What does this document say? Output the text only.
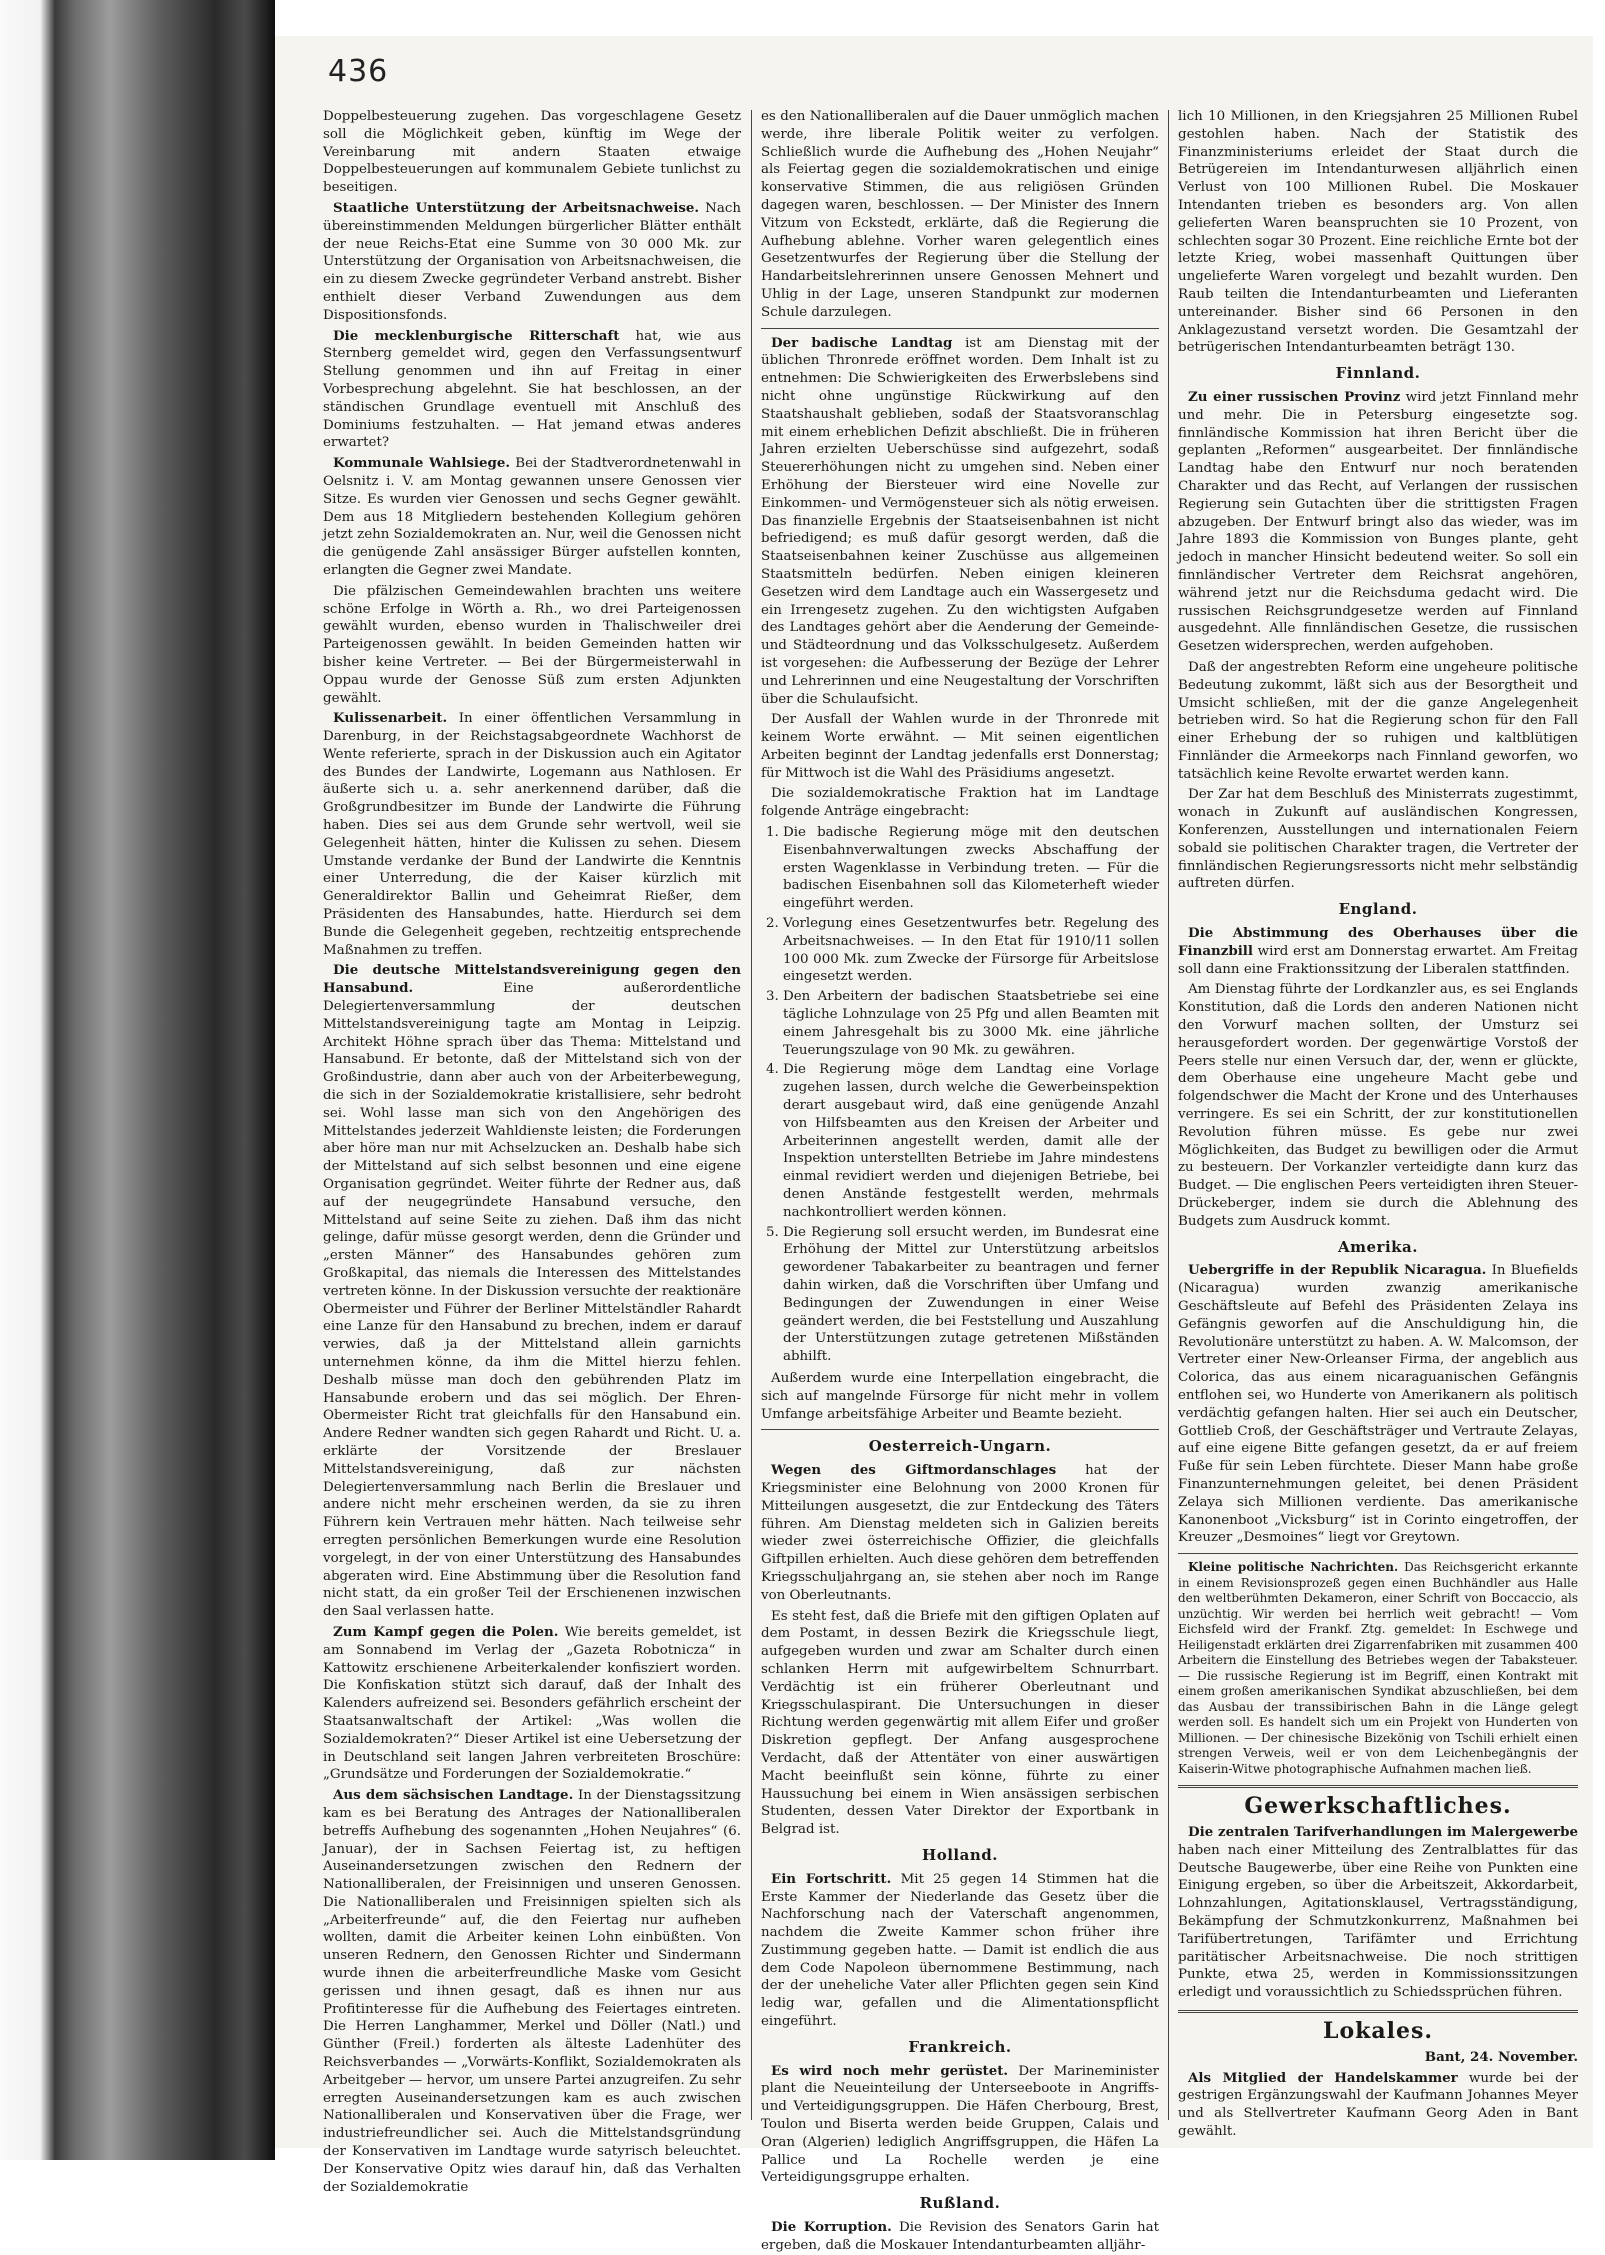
436

Doppelbesteuerung zugehen. Das vorgeschlagene Gesetz soll die Möglichkeit geben, künftig im Wege der Vereinbarung mit andern Staaten etwaige Doppelbesteuerungen auf kommunalem Gebiete tunlichst zu beseitigen.

Staatliche Unterstützung der Arbeitsnachweise. Nach übereinstimmenden Meldungen bürgerlicher Blätter enthält der neue Reichs-Etat eine Summe von 30 000 Mk. zur Unterstützung der Organisation von Arbeitsnachweisen, die ein zu diesem Zwecke gegründeter Verband anstrebt. Bisher enthielt dieser Verband Zuwendungen aus dem Dispositionsfonds.

Die mecklenburgische Ritterschaft hat, wie aus Sternberg gemeldet wird, gegen den Verfassungsentwurf Stellung genommen und ihn auf Freitag in einer Vorbesprechung abgelehnt. Sie hat beschlossen, an der ständischen Grundlage eventuell mit Anschluß des Dominiums festzuhalten. — Hat jemand etwas anderes erwartet?

Kommunale Wahlsiege. Bei der Stadtverordnetenwahl in Oelsnitz i. V. am Montag gewannen unsere Genossen vier Sitze. Es wurden vier Genossen und sechs Gegner gewählt. Dem aus 18 Mitgliedern bestehenden Kollegium gehören jetzt zehn Sozialdemokraten an. Nur, weil die Genossen nicht die genügende Zahl ansässiger Bürger aufstellen konnten, erlangten die Gegner zwei Mandate.

Die pfälzischen Gemeindewahlen brachten uns weitere schöne Erfolge in Wörth a. Rh., wo drei Parteigenossen gewählt wurden, ebenso wurden in Thalischweiler drei Parteigenossen gewählt. In beiden Gemeinden hatten wir bisher keine Vertreter. — Bei der Bürgermeisterwahl in Oppau wurde der Genosse Süß zum ersten Adjunkten gewählt.

Kulissenarbeit. In einer öffentlichen Versammlung in Darenburg, in der Reichstagsabgeordnete Wachhorst de Wente referierte, sprach in der Diskussion auch ein Agitator des Bundes der Landwirte, Logemann aus Nathlosen. Er äußerte sich u. a. sehr anerkennend darüber, daß die Großgrundbesitzer im Bunde der Landwirte die Führung haben. Dies sei aus dem Grunde sehr wertvoll, weil sie Gelegenheit hätten, hinter die Kulissen zu sehen. Diesem Umstande verdanke der Bund der Landwirte die Kenntnis einer Unterredung, die der Kaiser kürzlich mit Generaldirektor Ballin und Geheimrat Rießer, dem Präsidenten des Hansabundes, hatte. Hierdurch sei dem Bunde die Gelegenheit gegeben, rechtzeitig entsprechende Maßnahmen zu treffen.

Die deutsche Mittelstandsvereinigung gegen den Hansabund.	Eine außerordentliche Delegiertenversammlung der deutschen Mittelstandsvereinigung tagte am Montag in Leipzig. Architekt Höhne sprach über das Thema: Mittelstand und Hansabund. Er betonte, daß der Mittelstand sich von der Großindustrie, dann aber auch von der Arbeiterbewegung, die sich in der Sozialdemokratie kristallisiere, sehr bedroht sei. Wohl lasse man sich von den Angehörigen des Mittelstandes jederzeit Wahldienste leisten; die Forderungen aber höre man nur mit Achselzucken an. Deshalb habe sich der Mittelstand auf sich selbst besonnen und eine eigene Organisation gegründet. Weiter führte der Redner aus, daß auf der neugegründete Hansabund versuche, den Mittelstand auf seine Seite zu ziehen. Daß ihm das nicht gelinge, dafür müsse gesorgt werden, denn die Gründer und „ersten Männer“ des Hansabundes gehören zum Großkapital, das niemals die Interessen des Mittelstandes vertreten könne. In der Diskussion versuchte der reaktionäre Obermeister und Führer der Berliner Mittelständler Rahardt eine Lanze für den Hansabund zu brechen, indem er darauf verwies, daß ja der Mittelstand allein garnichts unternehmen könne, da ihm die Mittel hierzu fehlen. Deshalb müsse man doch den gebührenden Platz im Hansabunde erobern und das sei möglich. Der Ehren-Obermeister Richt trat gleichfalls für den Hansabund ein. Andere Redner wandten sich gegen Rahardt und Richt. U. a. erklärte der Vorsitzende der Breslauer Mittelstandsvereinigung, daß zur nächsten Delegiertenversammlung nach Berlin die Breslauer und andere nicht mehr erscheinen werden, da sie zu ihren Führern kein Vertrauen mehr hätten. Nach teilweise sehr erregten persönlichen Bemerkungen wurde eine Resolution vorgelegt, in der von einer Unterstützung des Hansabundes abgeraten wird. Eine Abstimmung über die Resolution fand nicht statt, da ein großer Teil der Erschienenen inzwischen den Saal verlassen hatte.

Zum Kampf gegen die Polen. Wie bereits gemeldet, ist am Sonnabend im Verlag der „Gazeta Robotnicza“ in Kattowitz erschienene Arbeiterkalender konfisziert worden. Die Konfiskation stützt sich darauf, daß der Inhalt des Kalenders aufreizend sei. Besonders gefährlich erscheint der Staatsanwaltschaft der Artikel: „Was wollen die Sozialdemokraten?“ Dieser Artikel ist eine Uebersetzung der in Deutschland seit langen Jahren verbreiteten Broschüre: „Grundsätze und Forderungen der Sozialdemokratie.“

Aus dem sächsischen Landtage. In der Dienstagssitzung kam es bei Beratung des Antrages der Nationalliberalen betreffs Aufhebung des sogenannten „Hohen Neujahres“ (6. Januar), der in Sachsen Feiertag ist, zu heftigen Auseinandersetzungen zwischen den Rednern der Nationalliberalen, der Freisinnigen und unseren Genossen. Die Nationalliberalen und Freisinnigen spielten sich als „Arbeiterfreunde“ auf, die den Feiertag nur aufheben wollten, damit die Arbeiter keinen Lohn einbüßten. Von unseren Rednern, den Genossen Richter und Sindermann wurde ihnen die arbeiterfreundliche Maske vom Gesicht gerissen und ihnen gesagt, daß es ihnen nur aus Profitinteresse für die Aufhebung des Feiertages eintreten. Die Herren Langhammer, Merkel und Döller (Natl.) und Günther (Freil.) forderten als älteste Ladenhüter des Reichsverbandes — „Vorwärts-Konflikt, Sozialdemokraten als Arbeitgeber — hervor, um unsere Partei anzugreifen. Zu sehr erregten Auseinandersetzungen kam es auch zwischen Nationalliberalen und Konservativen über die Frage, wer industriefreundlicher sei. Auch die Mittelstandsgründung der Konservativen im Landtage wurde satyrisch beleuchtet. Der Konservative Opitz wies darauf hin, daß das Verhalten der Sozialdemokratie

es den Nationalliberalen auf die Dauer unmöglich machen werde, ihre liberale Politik weiter zu verfolgen. Schließlich wurde die Aufhebung des „Hohen Neujahr“ als Feiertag gegen die sozialdemokratischen und einige konservative Stimmen, die aus religiösen Gründen dagegen waren, beschlossen. — Der Minister des Innern Vitzum von Eckstedt, erklärte, daß die Regierung die Aufhebung ablehne. Vorher waren gelegentlich eines Gesetzentwurfes der Regierung über die Stellung der Handarbeitslehrerinnen unsere Genossen Mehnert und Uhlig in der Lage, unseren Standpunkt zur modernen Schule darzulegen.

Der badische Landtag ist am Dienstag mit der üblichen Thronrede eröffnet worden. Dem Inhalt ist zu entnehmen: Die Schwierigkeiten des Erwerbslebens sind nicht ohne ungünstige Rückwirkung auf den Staatshaushalt geblieben, sodaß der Staatsvoranschlag mit einem erheblichen Defizit abschließt. Die in früheren Jahren erzielten Ueberschüsse sind aufgezehrt, sodaß Steuererhöhungen nicht zu umgehen sind. Neben einer Erhöhung der Biersteuer wird eine Novelle zur Einkommen- und Vermögensteuer sich als nötig erweisen. Das finanzielle Ergebnis der Staatseisenbahnen ist nicht befriedigend; es muß dafür gesorgt werden, daß die Staatseisenbahnen keiner Zuschüsse aus allgemeinen Staatsmitteln bedürfen. Neben einigen kleineren Gesetzen wird dem Landtage auch ein Wassergesetz und ein Irrengesetz zugehen. Zu den wichtigsten Aufgaben des Landtages gehört aber die Aenderung der Gemeinde- und Städteordnung und das Volksschulgesetz. Außerdem ist vorgesehen: die Aufbesserung der Bezüge der Lehrer und Lehrerinnen und eine Neugestaltung der Vorschriften über die Schulaufsicht.

Der Ausfall der Wahlen wurde in der Thronrede mit keinem Worte erwähnt. — Mit seinen eigentlichen Arbeiten beginnt der Landtag jedenfalls erst Donnerstag; für Mittwoch ist die Wahl des Präsidiums angesetzt.

Die sozialdemokratische Fraktion hat im Landtage folgende Anträge eingebracht:

1. Die badische Regierung möge mit den deutschen Eisenbahnverwaltungen zwecks Abschaffung der ersten Wagenklasse in Verbindung treten. — Für die badischen Eisenbahnen soll das Kilometerheft wieder eingeführt werden.
2. Vorlegung eines Gesetzentwurfes betr. Regelung des Arbeitsnachweises. — In den Etat für 1910/11 sollen 100 000 Mk. zum Zwecke der Fürsorge für Arbeitslose eingesetzt werden.
3. Den Arbeitern der badischen Staatsbetriebe sei eine tägliche Lohnzulage von 25 Pfg und allen Beamten mit einem Jahresgehalt bis zu 3000 Mk. eine jährliche Teuerungszulage von 90 Mk. zu gewähren.
4. Die Regierung möge dem Landtag eine Vorlage zugehen lassen, durch welche die Gewerbeinspektion derart ausgebaut wird, daß eine genügende Anzahl von Hilfsbeamten aus den Kreisen der Arbeiter und Arbeiterinnen angestellt werden, damit alle der Inspektion unterstellten Betriebe im Jahre mindestens einmal revidiert werden und diejenigen Betriebe, bei denen Anstände festgestellt werden, mehrmals nachkontrolliert werden können.
5. Die Regierung soll ersucht werden, im Bundesrat eine Erhöhung der Mittel zur Unterstützung arbeitslos gewordener Tabakarbeiter zu beantragen und ferner dahin wirken, daß die Vorschriften über Umfang und Bedingungen der Zuwendungen in einer Weise geändert werden, die bei Feststellung und Auszahlung der Unterstützungen zutage getretenen Mißständen abhilft.

Außerdem wurde eine Interpellation eingebracht, die sich auf mangelnde Fürsorge für nicht mehr in vollem Umfange arbeitsfähige Arbeiter und Beamte bezieht.

Oesterreich-Ungarn.

Wegen des Giftmordanschlages hat der Kriegsminister eine Belohnung von 2000 Kronen für Mitteilungen ausgesetzt, die zur Entdeckung des Täters führen. Am Dienstag meldeten sich in Galizien bereits wieder zwei österreichische Offizier, die gleichfalls Giftpillen erhielten. Auch diese gehören dem betreffenden Kriegsschuljahrgang an, sie stehen aber noch im Range von Oberleutnants.

Es steht fest, daß die Briefe mit den giftigen Oplaten auf dem Postamt, in dessen Bezirk die Kriegsschule liegt, aufgegeben wurden und zwar am Schalter durch einen schlanken Herrn mit aufgewirbeltem Schnurrbart. Verdächtig ist ein früherer Oberleutnant und Kriegsschulaspirant. Die Untersuchungen in dieser Richtung werden gegenwärtig mit allem Eifer und großer Diskretion gepflegt. Der Anfang ausgesprochene Verdacht, daß der Attentäter von einer auswärtigen Macht beeinflußt sein könne, führte zu einer Haussuchung bei einem in Wien ansässigen serbischen Studenten, dessen Vater Direktor der Exportbank in Belgrad ist.

Holland.

Ein Fortschritt. Mit 25 gegen 14 Stimmen hat die Erste Kammer der Niederlande das Gesetz über die Nachforschung nach der Vaterschaft angenommen, nachdem die Zweite Kammer schon früher ihre Zustimmung gegeben hatte. — Damit ist endlich die aus dem Code Napoleon übernommene Bestimmung, nach der der uneheliche Vater aller Pflichten gegen sein Kind ledig war, gefallen und die Alimentationspflicht eingeführt.

Frankreich.

Es wird noch mehr gerüstet. Der Marineminister plant die Neueinteilung der Unterseeboote in Angriffs- und Verteidigungsgruppen. Die Häfen Cherbourg, Brest, Toulon und Biserta werden beide Gruppen, Calais und Oran (Algerien) lediglich Angriffsgruppen, die Häfen La Pallice und La Rochelle werden je eine Verteidigungsgruppe erhalten.

Rußland.

Die Korruption. Die Revision des Senators Garin hat ergeben, daß die Moskauer Intendanturbeamten alljähr-

lich 10 Millionen, in den Kriegsjahren 25 Millionen Rubel gestohlen haben. Nach der Statistik des Finanzministeriums erleidet der Staat durch die Betrügereien im Intendanturwesen alljährlich einen Verlust von 100 Millionen Rubel. Die Moskauer Intendanten trieben es besonders arg. Von allen gelieferten Waren beanspruchten sie 10 Prozent, von schlechten sogar 30 Prozent. Eine reichliche Ernte bot der letzte Krieg, wobei massenhaft Quittungen über ungelieferte Waren vorgelegt und bezahlt wurden. Den Raub teilten die Intendanturbeamten und Lieferanten untereinander. Bisher sind 66 Personen in den Anklagezustand versetzt worden. Die Gesamtzahl der betrügerischen Intendanturbeamten beträgt 130.

Finnland.

Zu einer russischen Provinz wird jetzt Finnland mehr und mehr. Die in Petersburg eingesetzte sog. finnländische Kommission hat ihren Bericht über die geplanten „Reformen“ ausgearbeitet. Der finnländische Landtag habe den Entwurf nur noch beratenden Charakter und das Recht, auf Verlangen der russischen Regierung sein Gutachten über die strittigsten Fragen abzugeben. Der Entwurf bringt also das wieder, was im Jahre 1893 die Kommission von Bunges plante, geht jedoch in mancher Hinsicht bedeutend weiter. So soll ein finnländischer Vertreter dem Reichsrat angehören, während jetzt nur die Reichsduma gedacht wird. Die russischen Reichsgrundgesetze werden auf Finnland ausgedehnt. Alle finnländischen Gesetze, die russischen Gesetzen widersprechen, werden aufgehoben.

Daß der angestrebten Reform eine ungeheure politische Bedeutung zukommt, läßt sich aus der Besorgtheit und Umsicht schließen, mit der die ganze Angelegenheit betrieben wird. So hat die Regierung schon für den Fall einer Erhebung der so ruhigen und kaltblütigen Finnländer die Armeekorps nach Finnland geworfen, wo tatsächlich keine Revolte erwartet werden kann.

Der Zar hat dem Beschluß des Ministerrats zugestimmt, wonach in Zukunft auf ausländischen Kongressen, Konferenzen, Ausstellungen und internationalen Feiern sobald sie politischen Charakter tragen, die Vertreter der finnländischen Regierungsressorts nicht mehr selbständig auftreten dürfen.

England.

Die Abstimmung des Oberhauses über die Finanzbill wird erst am Donnerstag erwartet. Am Freitag soll dann eine Fraktionssitzung der Liberalen stattfinden.

Am Dienstag führte der Lordkanzler aus, es sei Englands Konstitution, daß die Lords den anderen Nationen nicht den Vorwurf machen sollten, der Umsturz sei herausgefordert worden. Der gegenwärtige Vorstoß der Peers stelle nur einen Versuch dar, der, wenn er glückte, dem Oberhause eine ungeheure Macht gebe und folgendschwer die Macht der Krone und des Unterhauses verringere. Es sei ein Schritt, der zur konstitutionellen Revolution führen müsse. Es gebe nur zwei Möglichkeiten, das Budget zu bewilligen oder die Armut zu besteuern. Der Vorkanzler verteidigte dann kurz das Budget. — Die englischen Peers verteidigten ihren Steuer-Drückeberger, indem sie durch die Ablehnung des Budgets zum Ausdruck kommt.

Amerika.

Uebergriffe in der Republik Nicaragua. In Bluefields (Nicaragua) wurden zwanzig amerikanische Geschäftsleute auf Befehl des Präsidenten Zelaya ins Gefängnis geworfen auf die Anschuldigung hin, die Revolutionäre unterstützt zu haben. A. W. Malcomson, der Vertreter einer New-Orleanser Firma, der angeblich aus Colorica, das aus einem nicaraguanischen Gefängnis entflohen sei, wo Hunderte von Amerikanern als politisch verdächtig gefangen halten. Hier sei auch ein Deutscher, Gottlieb Croß, der Geschäftsträger und Vertraute Zelayas, auf eine eigene Bitte gefangen gesetzt, da er auf freiem Fuße für sein Leben fürchtete. Dieser Mann habe große Finanzunternehmungen geleitet, bei denen Präsident Zelaya sich Millionen verdiente. Das amerikanische Kanonenboot „Vicksburg“ ist in Corinto eingetroffen, der Kreuzer „Desmoines“ liegt vor Greytown.

Kleine politische Nachrichten. Das Reichsgericht erkannte in einem Revisionsprozeß gegen einen Buchhändler aus Halle den weltberühmten Dekameron, einer Schrift von Boccaccio, als unzüchtig. Wir werden bei herrlich weit gebracht! — Vom Eichsfeld wird der Frankf. Ztg. gemeldet: In Eschwege und Heiligenstadt erklärten drei Zigarrenfabriken mit zusammen 400 Arbeitern die Einstellung des Betriebes wegen der Tabaksteuer. — Die russische Regierung ist im Begriff, einen Kontrakt mit einem großen amerikanischen Syndikat abzuschließen, bei dem das Ausbau der transsibirischen Bahn in die Länge gelegt werden soll. Es handelt sich um ein Projekt von Hunderten von Millionen. — Der chinesische Bizekönig von Tschili erhielt einen strengen Verweis, weil er von dem Leichenbegängnis der Kaiserin-Witwe photographische Aufnahmen machen ließ.

Gewerkschaftliches.

Die zentralen Tarifverhandlungen im Malergewerbe haben nach einer Mitteilung des Zentralblattes für das Deutsche Baugewerbe, über eine Reihe von Punkten eine Einigung ergeben, so über die Arbeitszeit, Akkordarbeit, Lohnzahlungen, Agitationsklausel, Vertragsständigung, Bekämpfung der Schmutzkonkurrenz, Maßnahmen bei Tarifübertretungen, Tarifämter und Errichtung paritätischer Arbeitsnachweise. Die noch strittigen Punkte, etwa 25, werden in Kommissionssitzungen erledigt und voraussichtlich zu Schiedssprüchen führen.

Lokales.

Bant, 24. November.

Als Mitglied der Handelskammer wurde bei der gestrigen Ergänzungswahl der Kaufmann Johannes Meyer und als Stellvertreter Kaufmann Georg Aden in Bant gewählt.
